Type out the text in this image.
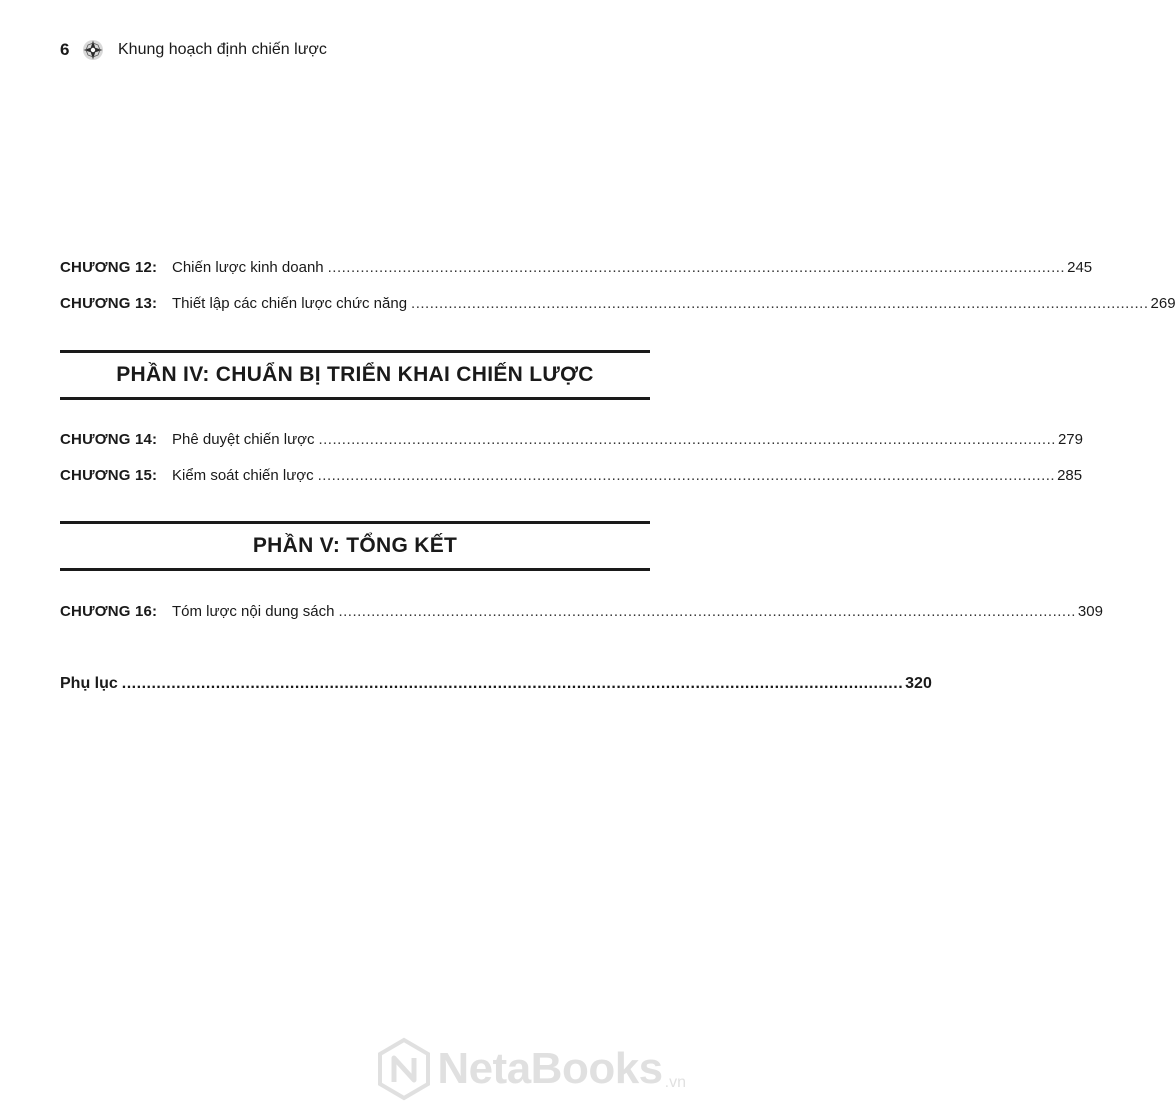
6	Khung hoạch định chiến lược
CHƯƠNG 12: Chiến lược kinh doanh .............................................................................................................................................................. 245
CHƯƠNG 13: Thiết lập các chiến lược chức năng .............................................................................................................................................................. 269
PHẦN IV: CHUẨN BỊ TRIỂN KHAI CHIẾN LƯỢC
CHƯƠNG 14: Phê duyệt chiến lược .............................................................................................................................................................. 279
CHƯƠNG 15: Kiểm soát chiến lược .............................................................................................................................................................. 285
PHẦN V: TỔNG KẾT
CHƯƠNG 16: Tóm lược nội dung sách .............................................................................................................................................................. 309
Phụ lục .............................................................................................................................................................. 320
NetaBooks .vn
